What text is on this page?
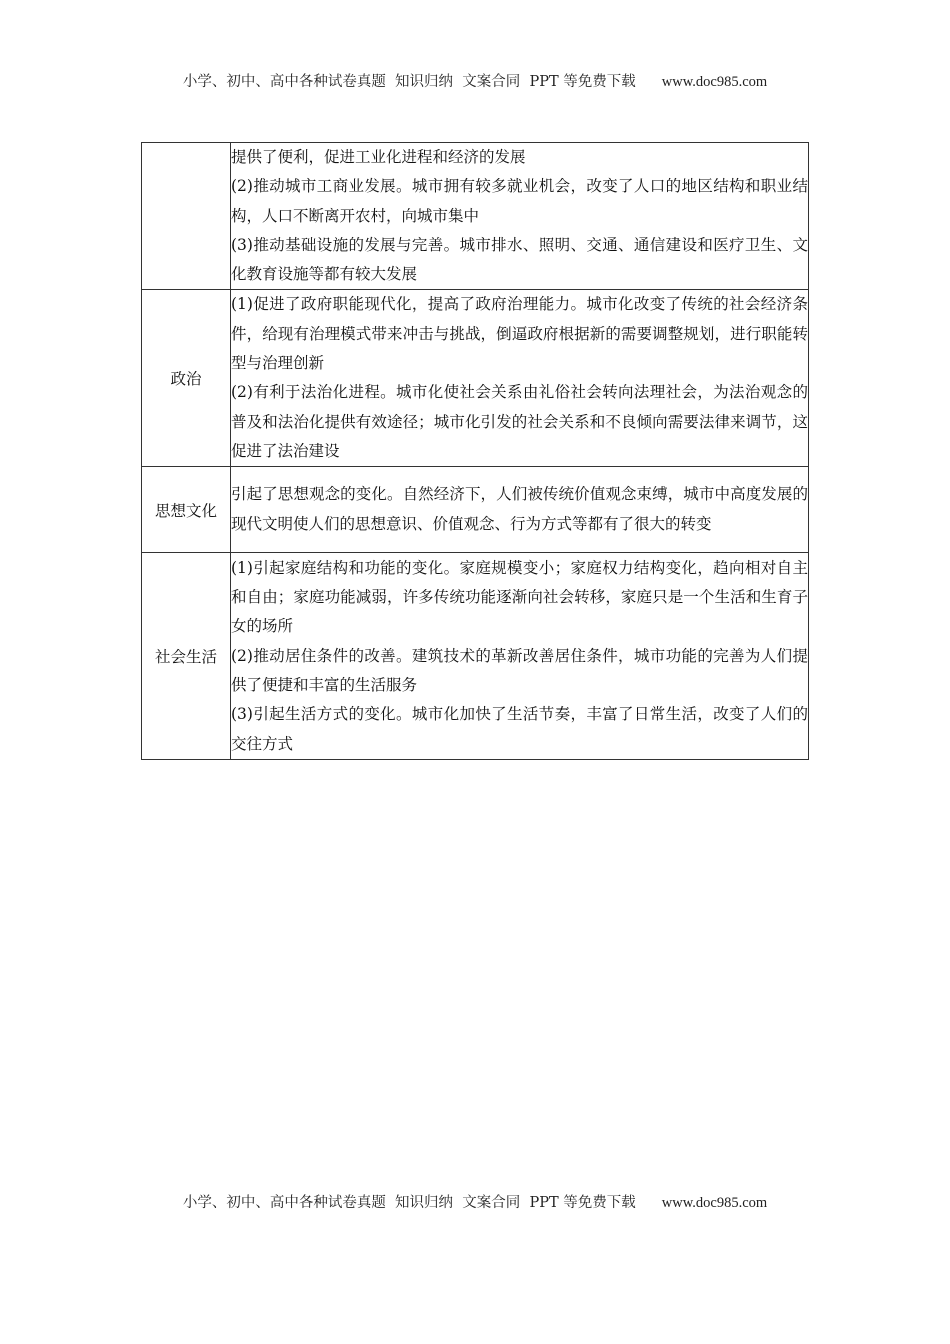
小学、初中、高中各种试卷真题  知识归纳  文案合同  PPT 等免费下载 www.doc985.com

	提供了便利，促进工业化进程和经济的发展

(2)推动城市工商业发展。城市拥有较多就业机会，改变了人口的地区结构和职业结构，人口不断离开农村，向城市集中

(3)推动基础设施的发展与完善。城市排水、照明、交通、通信建设和医疗卫生、文化教育设施等都有较大发展

政治	(1)促进了政府职能现代化，提高了政府治理能力。城市化改变了传统的社会经济条件，给现有治理模式带来冲击与挑战，倒逼政府根据新的需要调整规划，进行职能转型与治理创新

(2)有利于法治化进程。城市化使社会关系由礼俗社会转向法理社会，为法治观念的普及和法治化提供有效途径；城市化引发的社会关系和不良倾向需要法律来调节，这促进了法治建设

思想文化	引起了思想观念的变化。自然经济下，人们被传统价值观念束缚，城市中高度发展的现代文明使人们的思想意识、价值观念、行为方式等都有了很大的转变

社会生活	(1)引起家庭结构和功能的变化。家庭规模变小；家庭权力结构变化，趋向相对自主和自由；家庭功能减弱，许多传统功能逐渐向社会转移，家庭只是一个生活和生育子女的场所

(2)推动居住条件的改善。建筑技术的革新改善居住条件，城市功能的完善为人们提供了便捷和丰富的生活服务

(3)引起生活方式的变化。城市化加快了生活节奏，丰富了日常生活，改变了人们的交往方式

小学、初中、高中各种试卷真题  知识归纳  文案合同  PPT 等免费下载 www.doc985.com
